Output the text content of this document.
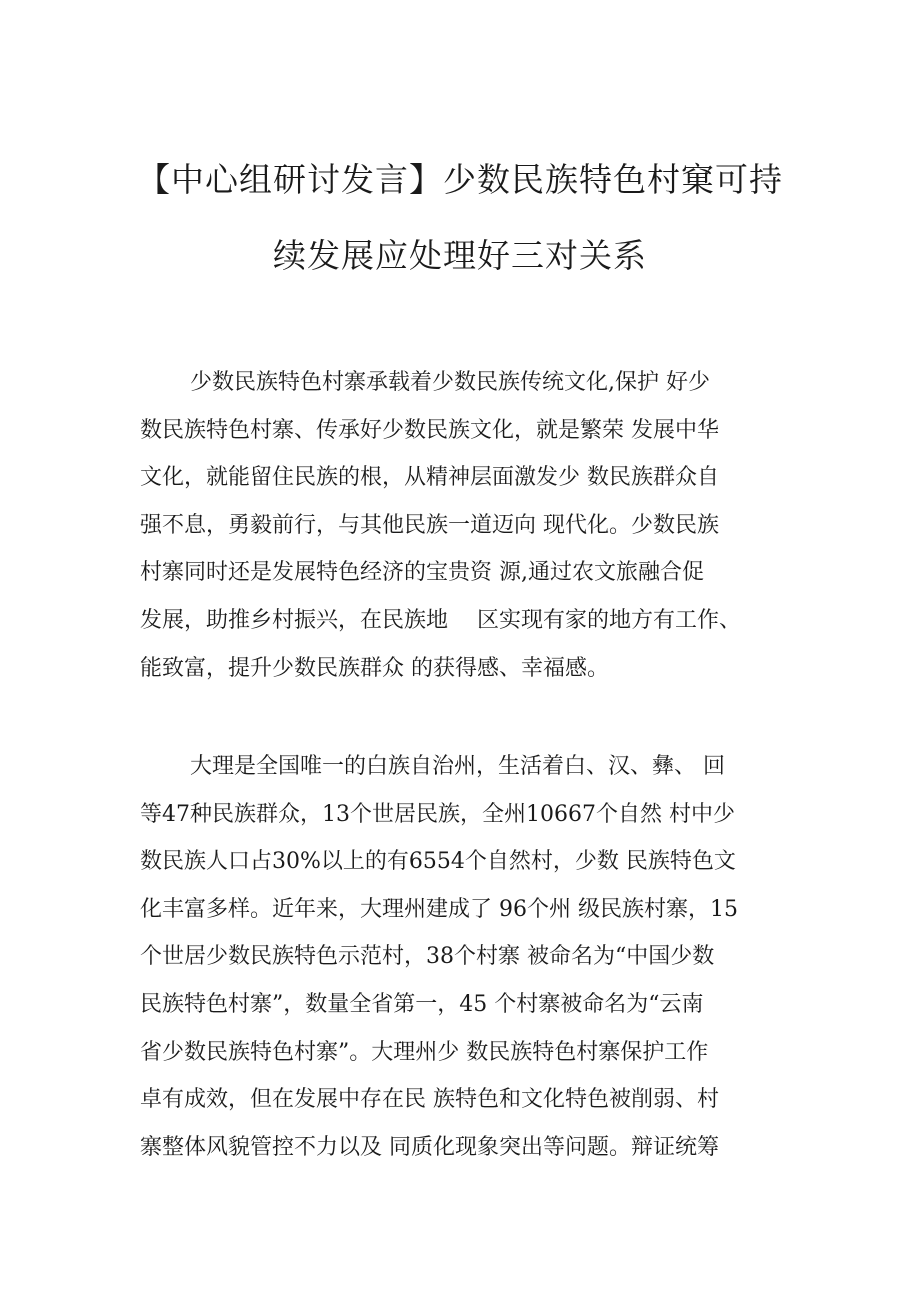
【中心组研讨发言】少数民族特色村窠可持
续发展应处理好三对关系
少数民族特色村寨承载着少数民族传统文化,保护 好少
数民族特色村寨、传承好少数民族文化，就是繁荣 发展中华
文化，就能留住民族的根，从精神层面激发少 数民族群众自
强不息，勇毅前行，与其他民族一道迈向 现代化。少数民族
村寨同时还是发展特色经济的宝贵资 源,通过农文旅融合促
发展，助推乡村振兴，在民族地　 区实现有家的地方有工作、
能致富，提升少数民族群众 的获得感、幸福感。
大理是全国唯一的白族自治州，生活着白、汉、彝、 回
等47种民族群众，13个世居民族，全州10667个自然 村中少
数民族人口占30%以上的有6554个自然村，少数 民族特色文
化丰富多样。近年来，大理州建成了 96个州 级民族村寨，15
个世居少数民族特色示范村，38个村寨 被命名为“中国少数
民族特色村寨”，数量全省第一，45 个村寨被命名为“云南
省少数民族特色村寨”。大理州少 数民族特色村寨保护工作
卓有成效，但在发展中存在民 族特色和文化特色被削弱、村
寨整体风貌管控不力以及 同质化现象突出等问题。辩证统筹
